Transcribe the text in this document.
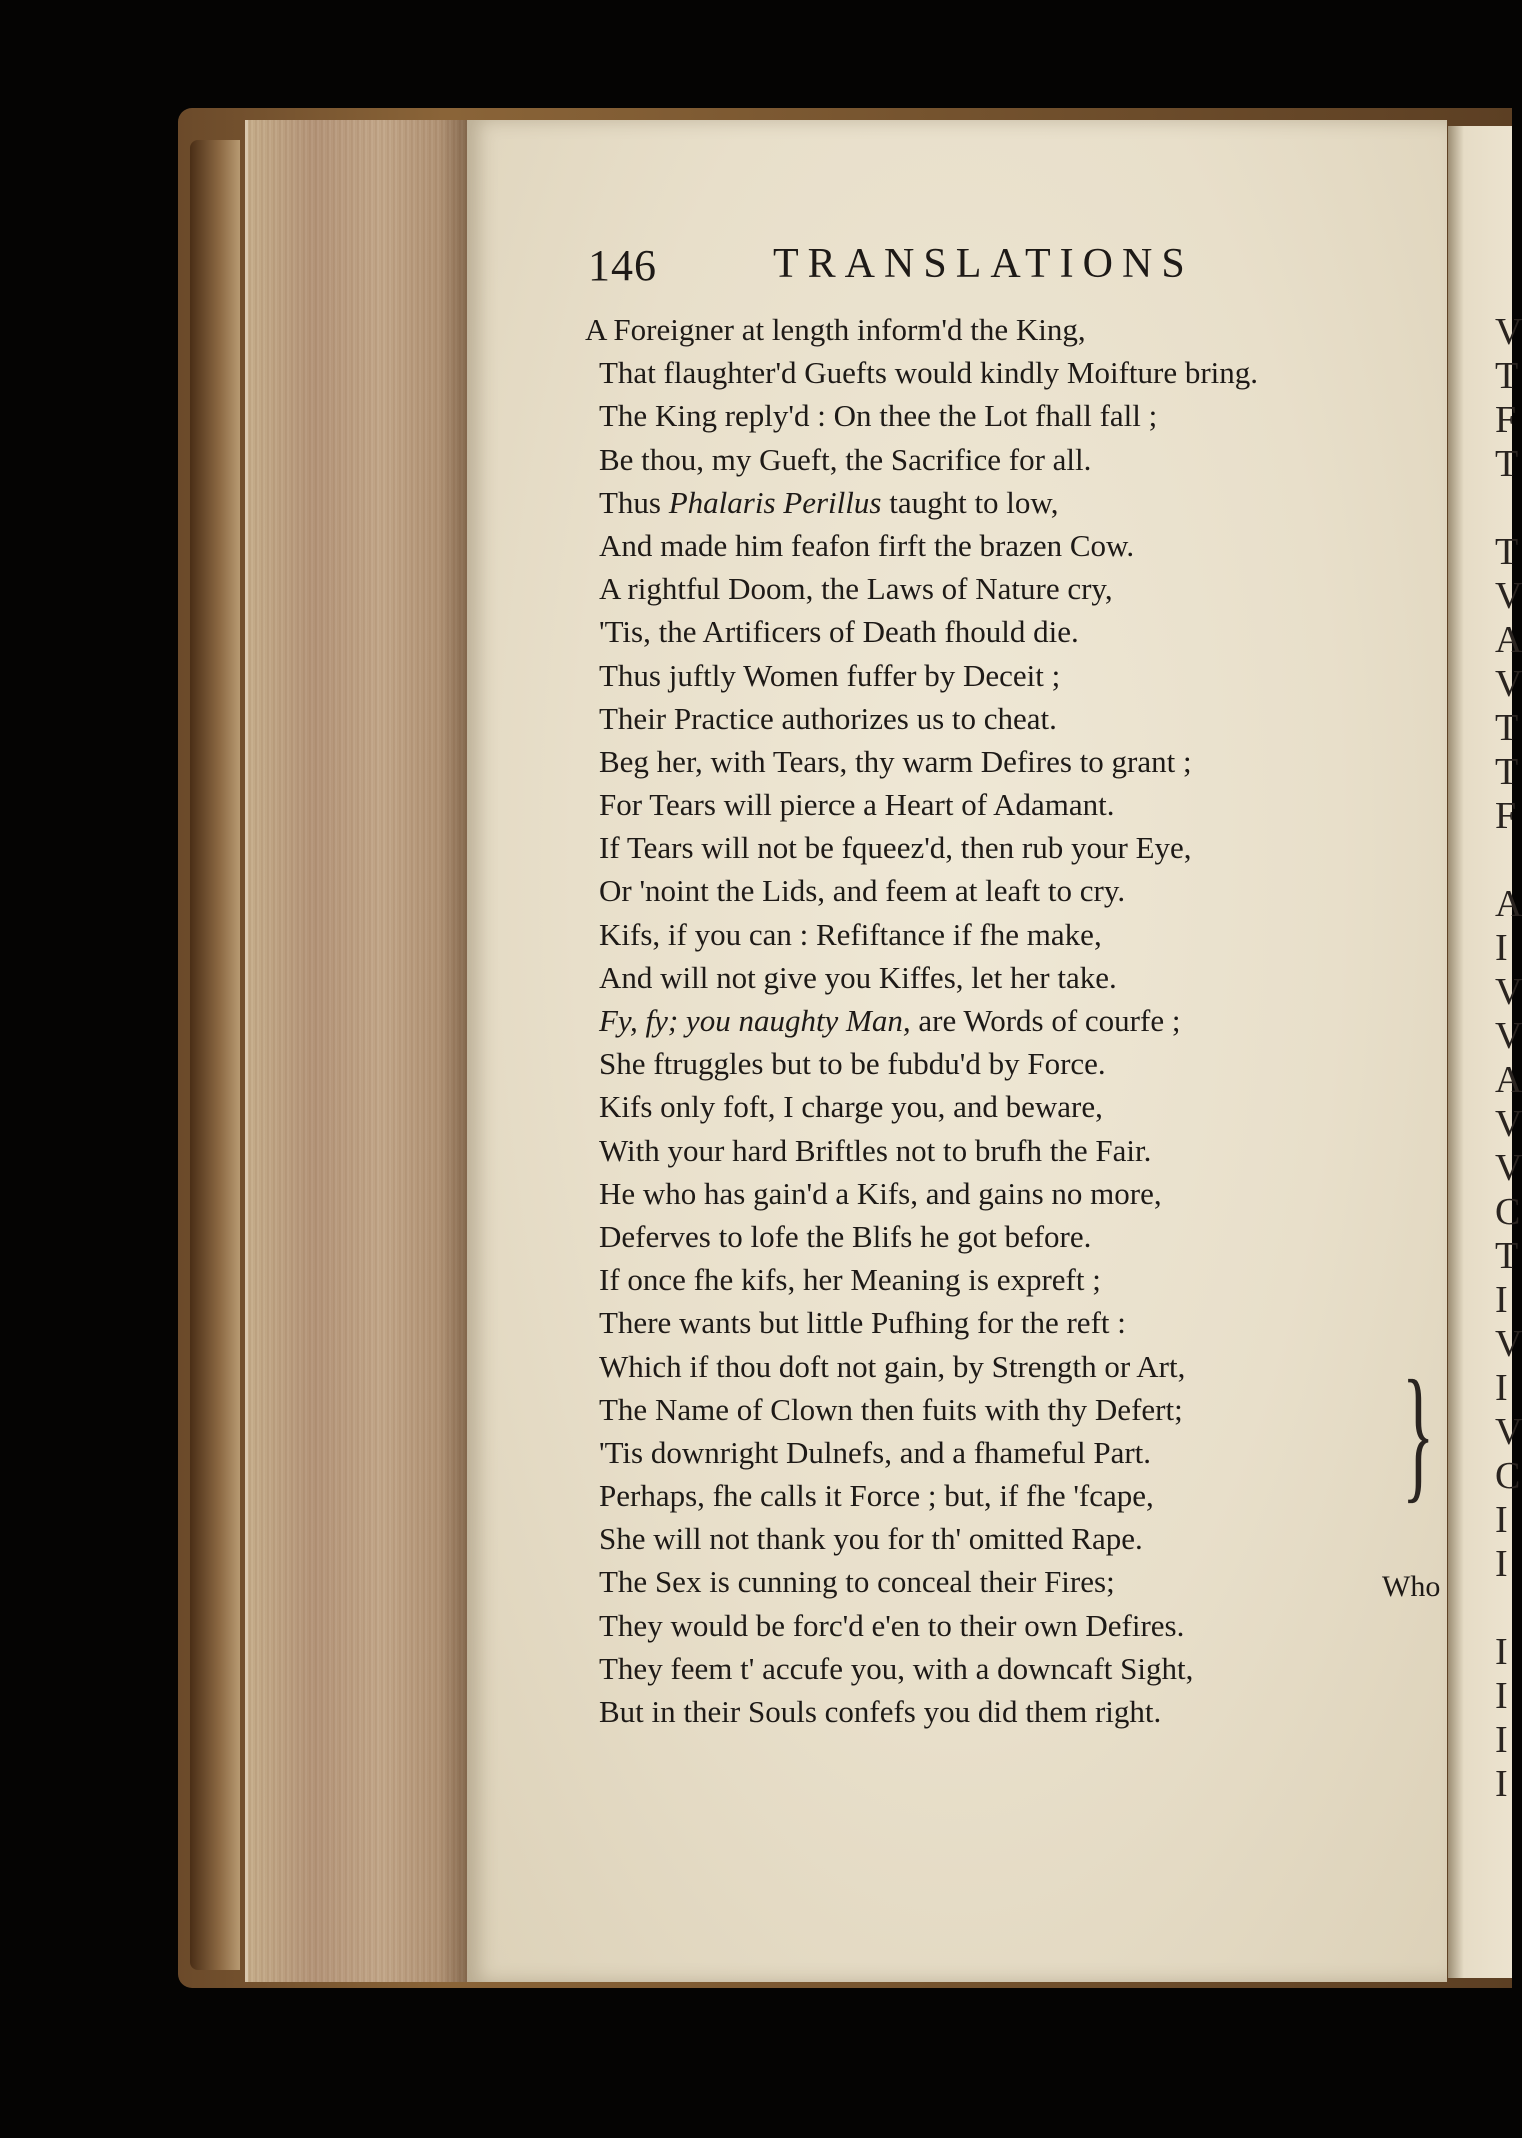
V
T
F
T
T
V
A
V
T
T
F
A
I
V
V
A
V
V
C
T
I
V
I
V
C
I
I
I
I
I
I
146	TRANSLATIONS
A Foreigner at length inform'd the King,
That flaughter'd Guefts would kindly Moifture bring.
The King reply'd : On thee the Lot fhall fall ;
Be thou, my Gueft, the Sacrifice for all.
Thus Phalaris Perillus taught to low,
And made him feafon firft the brazen Cow.
A rightful Doom, the Laws of Nature cry,
'Tis, the Artificers of Death fhould die.
Thus juftly Women fuffer by Deceit ;
Their Practice authorizes us to cheat.
Beg her, with Tears, thy warm Defires to grant ;
For Tears will pierce a Heart of Adamant.
If Tears will not be fqueez'd, then rub your Eye,
Or 'noint the Lids, and feem at leaft to cry.
Kifs, if you can : Refiftance if fhe make,
And will not give you Kiffes, let her take.
Fy, fy; you naughty Man, are Words of courfe ;
She ftruggles but to be fubdu'd by Force.
Kifs only foft, I charge you, and beware,
With your hard Briftles not to brufh the Fair.
He who has gain'd a Kifs, and gains no more,
Deferves to lofe the Blifs he got before.
If once fhe kifs, her Meaning is expreft ;
There wants but little Pufhing for the reft :
Which if thou doft not gain, by Strength or Art,
The Name of Clown then fuits with thy Defert;
'Tis downright Dulnefs, and a fhameful Part.
Perhaps, fhe calls it Force ; but, if fhe 'fcape,
She will not thank you for th' omitted Rape.
The Sex is cunning to conceal their Fires;
They would be forc'd e'en to their own Defires.
They feem t' accufe you, with a downcaft Sight,
But in their Souls confefs you did them right.
}
Who
